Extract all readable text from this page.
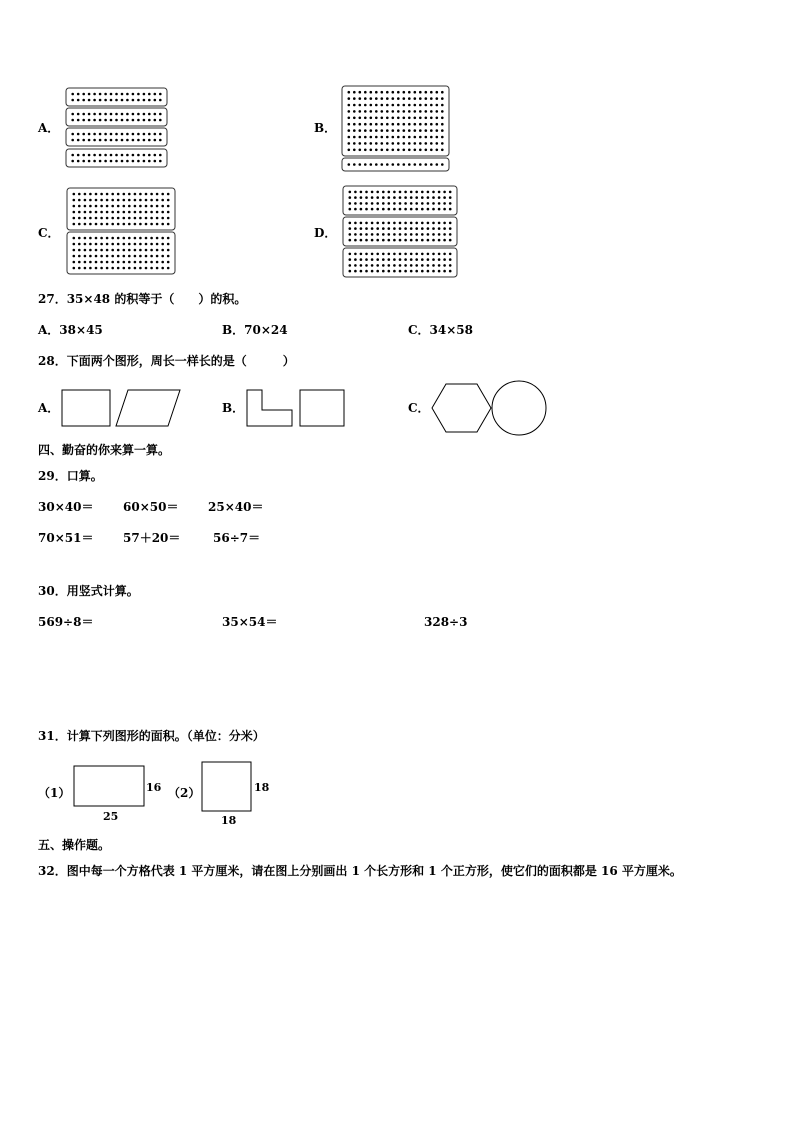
A．	B．
C．	D．
27．35×48 的积等于（　　）的积。
A．38×45	B．70×24	C．34×58
28．下面两个图形，周长一样长的是（　　　）
A．	B．	C．
四、勤奋的你来算一算。
29．口算。
30×40＝ 60×50＝ 25×40＝
70×51＝ 57＋20＝	56÷7＝
30．用竖式计算。
569÷8＝	35×54＝	328÷3
31．计算下列图形的面积。（单位：分米）
（1）	16
25
（2）	18
18
五、操作题。
32．图中每一个方格代表 1 平方厘米，请在图上分别画出 1 个长方形和 1 个正方形，使它们的面积都是 16 平方厘米。
